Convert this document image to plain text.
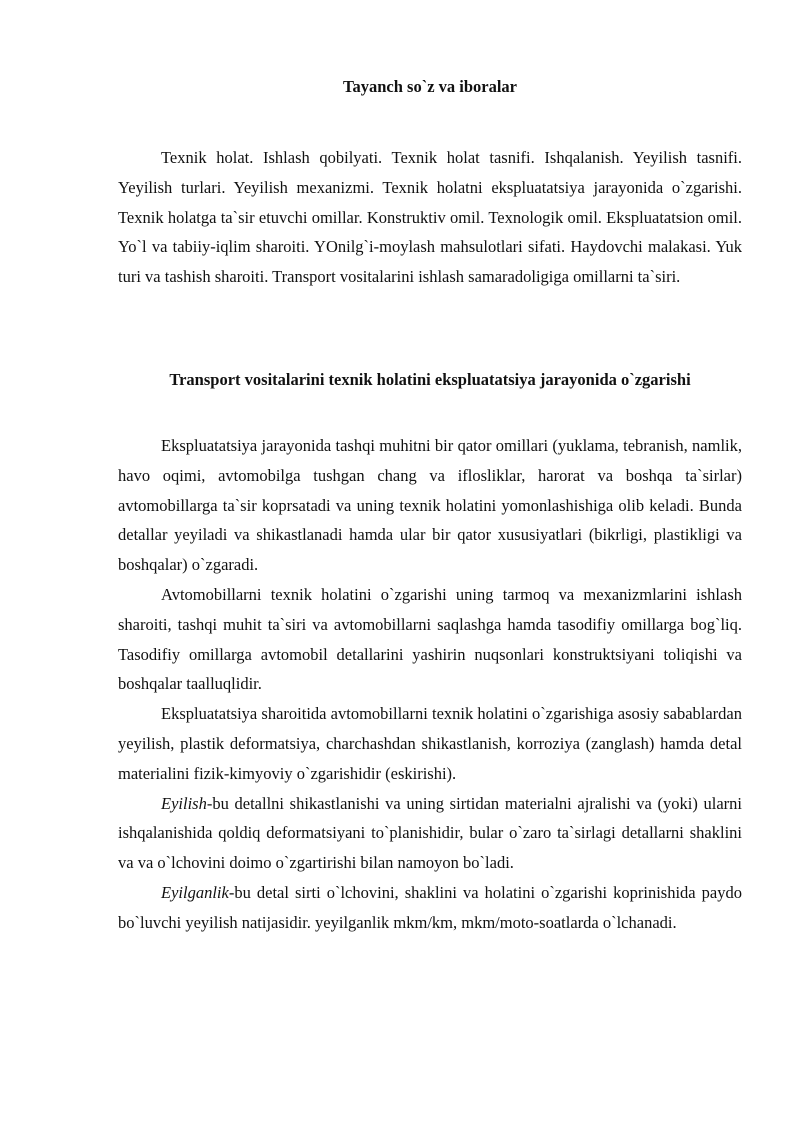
Tayanch so`z va iboralar

Texnik holat. Ishlash qobilyati. Texnik holat tasnifi. Ishqalanish. Yeyilish tasnifi. Yeyilish turlari. Yeyilish mexanizmi. Texnik holatni ekspluatatsiya jarayonida o`zgarishi. Texnik holatga ta`sir etuvchi omillar. Konstruktiv omil. Texnologik omil. Ekspluatatsion omil. Yo`l va tabiiy-iqlim sharoiti. YOnilg`i-moylash mahsulotlari sifati. Haydovchi malakasi. Yuk turi va tashish sharoiti. Transport vositalarini ishlash samaradoligiga omillarni ta`siri.

Transport vositalarini texnik holatini ekspluatatsiya jarayonida o`zgarishi

Ekspluatatsiya jarayonida tashqi muhitni bir qator omillari (yuklama, tebranish, namlik, havo oqimi, avtomobilga tushgan chang va iflosliklar, harorat va boshqa ta`sirlar) avtomobillarga ta`sir koprsatadi va uning texnik holatini yomonlashishiga olib keladi. Bunda detallar yeyiladi va shikastlanadi hamda ular bir qator xususiyatlari (bikrligi, plastikligi va boshqalar) o`zgaradi.

Avtomobillarni texnik holatini o`zgarishi uning tarmoq va mexanizmlarini ishlash sharoiti, tashqi muhit ta`siri va avtomobillarni saqlashga hamda tasodifiy omillarga bog`liq. Tasodifiy omillarga avtomobil detallarini yashirin nuqsonlari konstruktsiyani toliqishi va boshqalar taalluqlidir.

Ekspluatatsiya sharoitida avtomobillarni texnik holatini o`zgarishiga asosiy sabablardan yeyilish, plastik deformatsiya, charchashdan shikastlanish, korroziya (zanglash) hamda detal materialini fizik-kimyoviy o`zgarishidir (eskirishi).

Eyilish-bu detallni shikastlanishi va uning sirtidan materialni ajralishi va (yoki) ularni ishqalanishida qoldiq deformatsiyani to`planishidir, bular o`zaro ta`sirlagi detallarni shaklini va va o`lchovini doimo o`zgartirishi bilan namoyon bo`ladi.

Eyilganlik-bu detal sirti o`lchovini, shaklini va holatini o`zgarishi koprinishida paydo bo`luvchi yeyilish natijasidir. yeyilganlik mkm/km, mkm/moto-soatlarda o`lchanadi.
